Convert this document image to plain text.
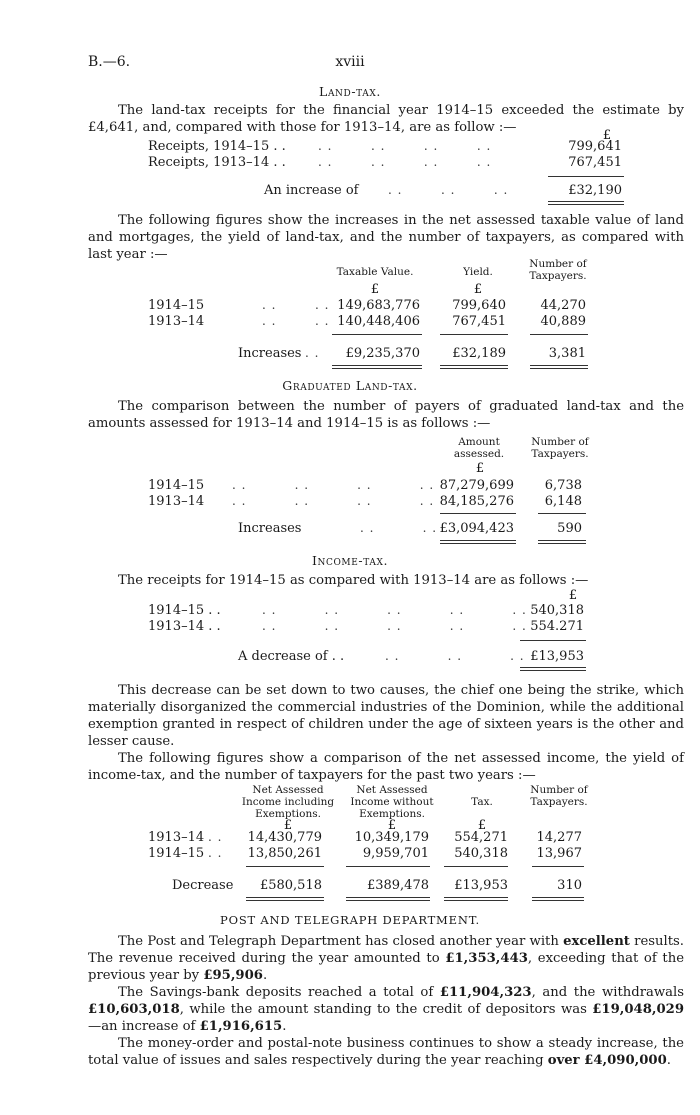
B.—6.	xviii
Land-tax.
The land-tax receipts for the financial year 1914–15 exceeded the estimate by £4,641, and, compared with those for 1913–14, are as follow :—
£
Receipts, 1914–15 . .	. .        . .        . .        . .	799,641
Receipts, 1913–14 . .	. .        . .        . .        . .	767,451
An increase of . .        . .        . .	£32,190
The following figures show the increases in the net assessed taxable value of land and mortgages, the yield of land-tax, and the number of taxpayers, as compared with last year :—
Taxable Value.	Yield.
Number of Taxpayers.
£	£
1914–15	. .        . . 149,683,776	799,640	44,270
1913–14	. .        . . 140,448,406	767,451	40,889
Increases . .	£9,235,370	£32,189	3,381
Graduated Land-tax.
The comparison between the number of payers of graduated land-tax and the amounts assessed for 1913–14 and 1914–15 is as follows :—
Amount assessed.
Number of Taxpayers.
£
1914–15 . .          . .          . .          . . 87,279,699	6,738
1913–14 . .          . .          . .          . . 84,185,276	6,148
Increases	. .          . . £3,094,423	590
Income-tax.
The receipts for 1914–15 as compared with 1913–14 are as follows :—
£
1914–15 . .	. .          . .          . .          . .          . . 540,318
1913–14 . .	. .          . .          . .          . .          . . 554.271
A decrease of . .	. .          . .          . . £13,953
This decrease can be set down to two causes, the chief one being the strike, which materially disorganized the commercial industries of the Dominion, while the additional exemption granted in respect of children under the age of sixteen years is the other and lesser cause.
The following figures show a comparison of the net assessed income, the yield of income-tax, and the number of taxpayers for the past two years :—
Net Assessed Income including Exemptions.
Net Assessed Income without Exemptions.
Tax.
Number of Taxpayers.
£	£	£
1913–14 . .	14,430,779	10,349,179	554,271	14,277
1914–15 . .	13,850,261	9,959,701	540,318	13,967
Decrease	£580,518	£389,478	£13,953	310
POST AND TELEGRAPH DEPARTMENT.
The Post and Telegraph Department has closed another year with excellent results. The revenue received during the year amounted to £1,353,443, exceeding that of the previous year by £95,906.
The Savings-bank deposits reached a total of £11,904,323, and the withdrawals £10,603,018, while the amount standing to the credit of depositors was £19,048,029 —an increase of £1,916,615.
The money-order and postal-note business continues to show a steady increase, the total value of issues and sales respectively during the year reaching over £4,090,000.
